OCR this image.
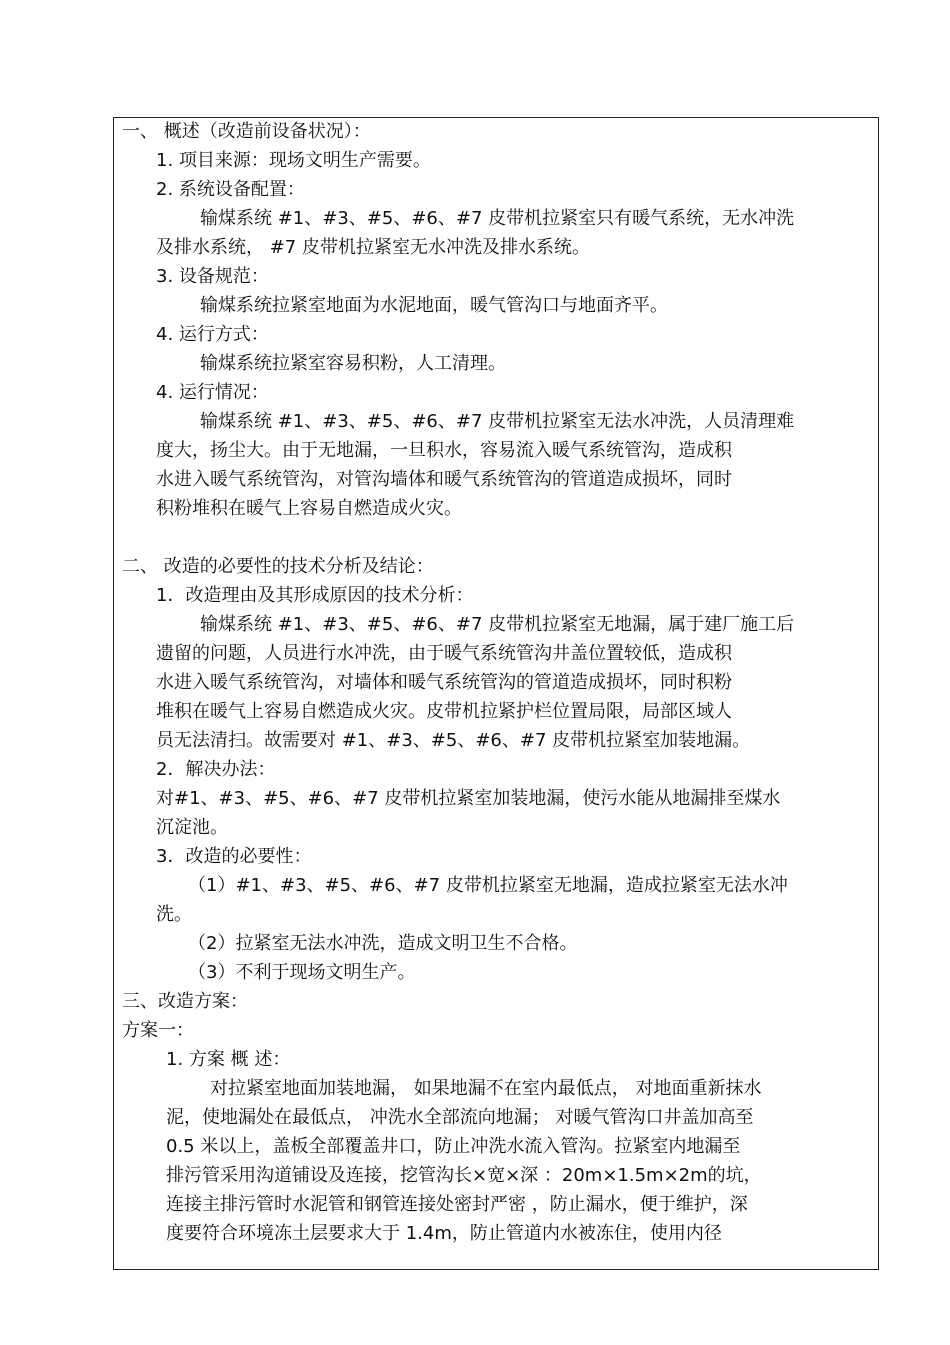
一、 概述（改造前设备状况）：
1. 项目来源：现场文明生产需要。
2. 系统设备配置：
输煤系统 #1、#3、#5、#6、#7 皮带机拉紧室只有暖气系统，无水冲洗
及排水系统， #7 皮带机拉紧室无水冲洗及排水系统。
3. 设备规范：
输煤系统拉紧室地面为水泥地面，暖气管沟口与地面齐平。
4. 运行方式：
输煤系统拉紧室容易积粉，人工清理。
4. 运行情况：
输煤系统 #1、#3、#5、#6、#7 皮带机拉紧室无法水冲洗，人员清理难
度大，扬尘大。由于无地漏，一旦积水，容易流入暖气系统管沟，造成积
水进入暖气系统管沟，对管沟墙体和暖气系统管沟的管道造成损坏，同时
积粉堆积在暖气上容易自燃造成火灾。
二、 改造的必要性的技术分析及结论：
1．改造理由及其形成原因的技术分析：
输煤系统 #1、#3、#5、#6、#7 皮带机拉紧室无地漏，属于建厂施工后
遗留的问题，人员进行水冲洗，由于暖气系统管沟井盖位置较低，造成积
水进入暖气系统管沟，对墙体和暖气系统管沟的管道造成损坏，同时积粉
堆积在暖气上容易自燃造成火灾。皮带机拉紧护栏位置局限，局部区域人
员无法清扫。故需要对 #1、#3、#5、#6、#7 皮带机拉紧室加装地漏。
2．解决办法：
对#1、#3、#5、#6、#7 皮带机拉紧室加装地漏，使污水能从地漏排至煤水
沉淀池。
3．改造的必要性：
（1）#1、#3、#5、#6、#7 皮带机拉紧室无地漏，造成拉紧室无法水冲
洗。
（2）拉紧室无法水冲洗，造成文明卫生不合格。
（3）不利于现场文明生产。
三、改造方案：
方案一：
1. 方案 概 述：
对拉紧室地面加装地漏， 如果地漏不在室内最低点， 对地面重新抹水
泥，使地漏处在最低点， 冲洗水全部流向地漏； 对暖气管沟口井盖加高至
0.5 米以上，盖板全部覆盖井口，防止冲洗水流入管沟。拉紧室内地漏至
排污管采用沟道铺设及连接，挖管沟长×宽×深 ：20m×1.5m×2m的坑，
连接主排污管时水泥管和钢管连接处密封严密 ，防止漏水，便于维护，深
度要符合环境冻土层要求大于 1.4m，防止管道内水被冻住，使用内径
